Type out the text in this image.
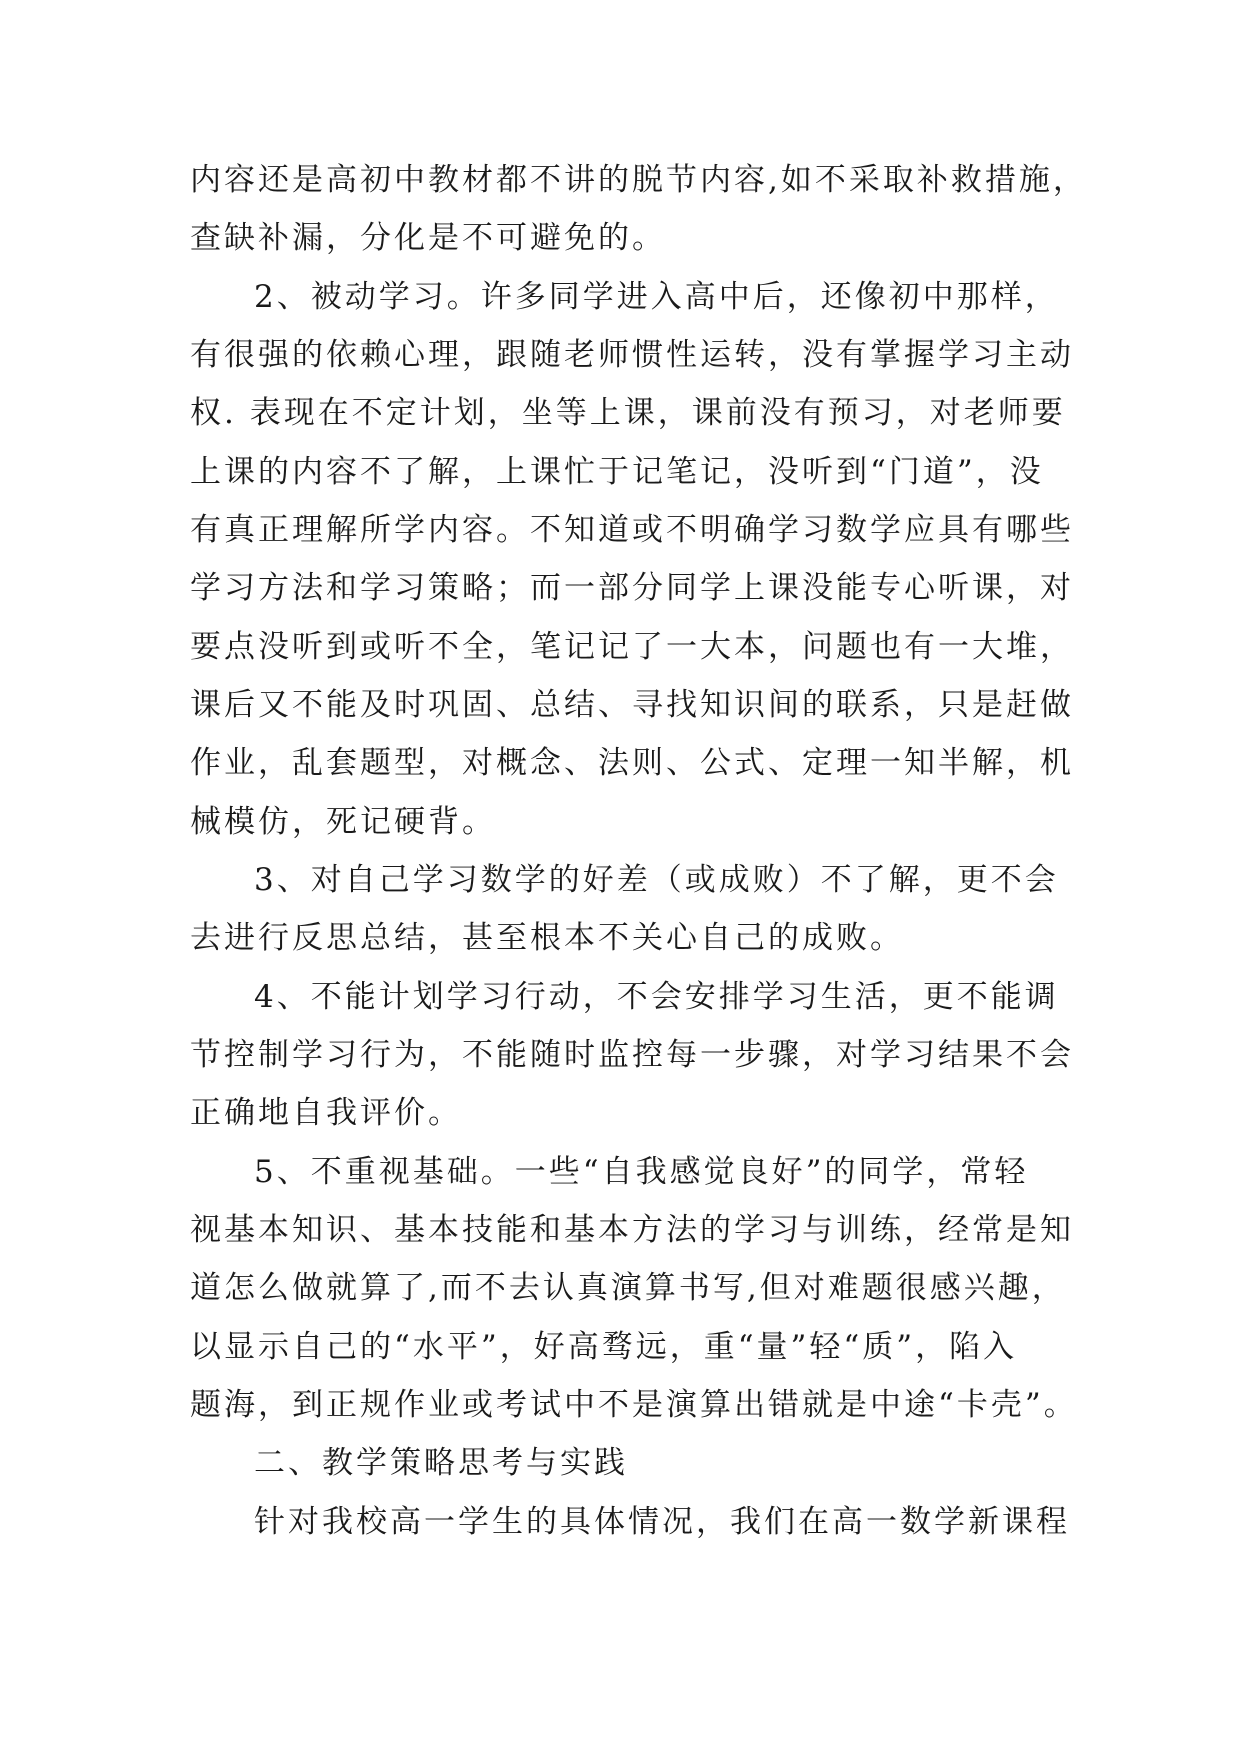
内容还是高初中教材都不讲的脱节内容,如不采取补救措施，
查缺补漏，分化是不可避免的。
2、被动学习。许多同学进入高中后，还像初中那样，
有很强的依赖心理，跟随老师惯性运转，没有掌握学习主动
权. 表现在不定计划，坐等上课，课前没有预习，对老师要
上课的内容不了解，上课忙于记笔记，没听到“门道”，没
有真正理解所学内容。不知道或不明确学习数学应具有哪些
学习方法和学习策略；而一部分同学上课没能专心听课，对
要点没听到或听不全，笔记记了一大本，问题也有一大堆，
课后又不能及时巩固、总结、寻找知识间的联系，只是赶做
作业，乱套题型，对概念、法则、公式、定理一知半解，机
械模仿，死记硬背。
3、对自己学习数学的好差（或成败）不了解，更不会
去进行反思总结，甚至根本不关心自己的成败。
4、不能计划学习行动，不会安排学习生活，更不能调
节控制学习行为，不能随时监控每一步骤，对学习结果不会
正确地自我评价。
5、不重视基础。一些“自我感觉良好”的同学，常轻
视基本知识、基本技能和基本方法的学习与训练，经常是知
道怎么做就算了,而不去认真演算书写,但对难题很感兴趣，
以显示自己的“水平”，好高骛远，重“量”轻“质”，陷入
题海，到正规作业或考试中不是演算出错就是中途“卡壳”。
二、教学策略思考与实践
针对我校高一学生的具体情况，我们在高一数学新课程
